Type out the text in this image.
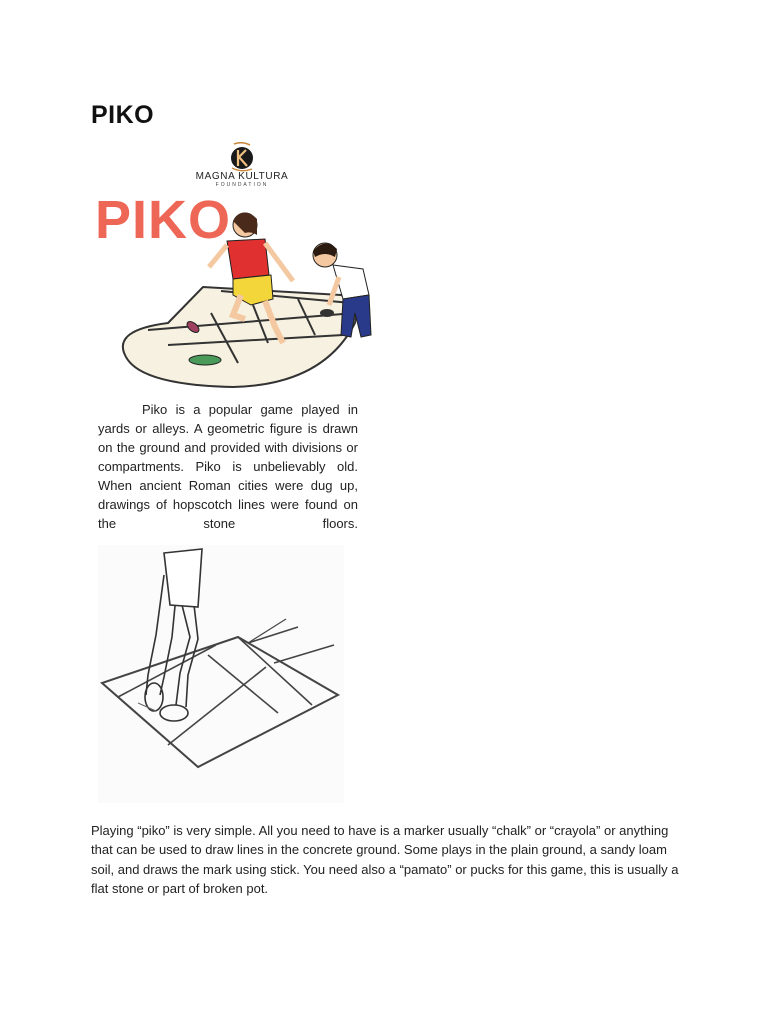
PIKO
MAGNA KULTURA
FOUNDATION
PIKO

Piko is a popular game played in yards or alleys. A geometric figure is drawn on the ground and provided with divisions or compartments. Piko is unbelievably old. When ancient Roman cities were dug up, drawings of hopscotch lines were found on the stone floors.

Playing “piko” is very simple. All you need to have is a marker usually “chalk” or “crayola” or anything that can be used to draw lines in the concrete ground. Some plays in the plain ground, a sandy loam soil, and draws the mark using stick. You need also a “pamato” or pucks for this game, this is usually a flat stone or part of broken pot.
